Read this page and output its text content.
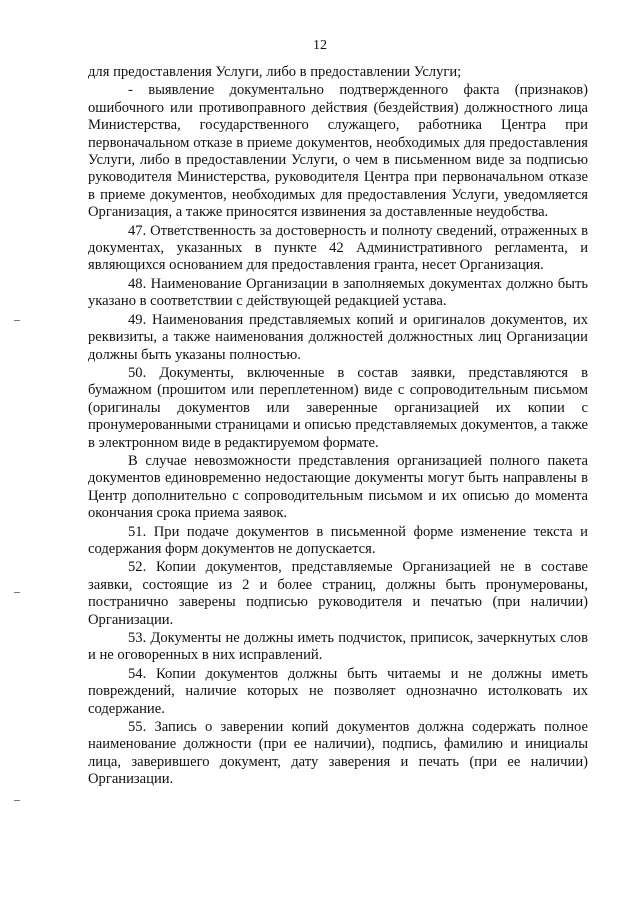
12

для предоставления Услуги, либо в предоставлении Услуги;

- выявление документально подтвержденного факта (признаков) ошибочного или противоправного действия (бездействия) должностного лица Министерства, государственного служащего, работника Центра при первоначальном отказе в приеме документов, необходимых для предоставления Услуги, либо в предоставлении Услуги, о чем в письменном виде за подписью руководителя Министерства, руководителя Центра при первоначальном отказе в приеме документов, необходимых для предоставления Услуги, уведомляется Организация, а также приносятся извинения за доставленные неудобства.

47. Ответственность за достоверность и полноту сведений, отраженных в документах, указанных в пункте 42 Административного регламента, и являющихся основанием для предоставления гранта, несет Организация.

48. Наименование Организации в заполняемых документах должно быть указано в соответствии с действующей редакцией устава.

49. Наименования представляемых копий и оригиналов документов, их реквизиты, а также наименования должностей должностных лиц Организации должны быть указаны полностью.

50. Документы, включенные в состав заявки, представляются в бумажном (прошитом или переплетенном) виде с сопроводительным письмом (оригиналы документов или заверенные организацией их копии с пронумерованными страницами и описью представляемых документов, а также в электронном виде в редактируемом формате.

В случае невозможности представления организацией полного пакета документов единовременно недостающие документы могут быть направлены в Центр дополнительно с сопроводительным письмом и их описью до момента окончания срока приема заявок.

51. При подаче документов в письменной форме изменение текста и содержания форм документов не допускается.

52. Копии документов, представляемые Организацией не в составе заявки, состоящие из 2 и более страниц, должны быть пронумерованы, постранично заверены подписью руководителя и печатью (при наличии) Организации.

53. Документы не должны иметь подчисток, приписок, зачеркнутых слов и не оговоренных в них исправлений.

54. Копии документов должны быть читаемы и не должны иметь повреждений, наличие которых не позволяет однозначно истолковать их содержание.

55. Запись о заверении копий документов должна содержать полное наименование должности (при ее наличии), подпись, фамилию и инициалы лица, заверившего документ, дату заверения и печать (при ее наличии) Организации.
